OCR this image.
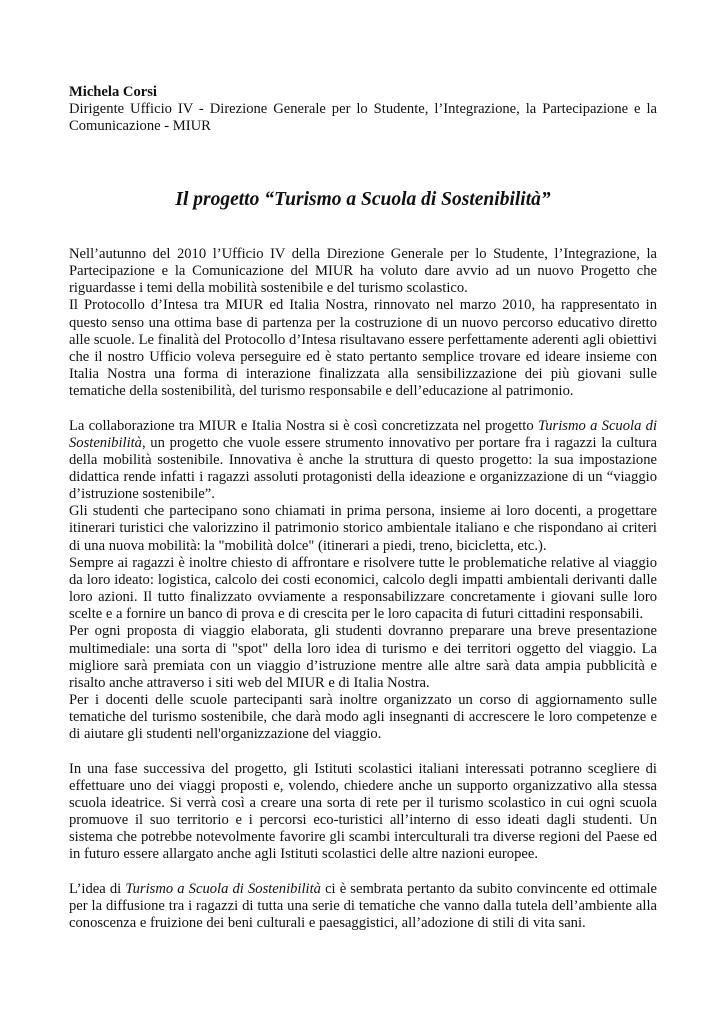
Michela Corsi

Dirigente Ufficio IV - Direzione Generale per lo Studente, l’Integrazione, la Partecipazione e la Comunicazione - MIUR

Il progetto “Turismo a Scuola di Sostenibilità”

Nell’autunno del 2010 l’Ufficio IV della Direzione Generale per lo Studente, l’Integrazione, la Partecipazione e la Comunicazione del MIUR ha voluto dare avvio ad un nuovo Progetto che riguardasse i temi della mobilità sostenibile e del turismo scolastico.

Il Protocollo d’Intesa tra MIUR ed Italia Nostra, rinnovato nel marzo 2010, ha rappresentato in questo senso una ottima base di partenza per la costruzione di un nuovo percorso educativo diretto alle scuole. Le finalità del Protocollo d’Intesa risultavano essere perfettamente aderenti agli obiettivi che il nostro Ufficio voleva perseguire ed è stato pertanto semplice trovare ed ideare insieme con Italia Nostra una forma di interazione finalizzata alla sensibilizzazione dei più giovani sulle tematiche della sostenibilità, del turismo responsabile e dell’educazione al patrimonio.

La collaborazione tra MIUR e Italia Nostra si è così concretizzata nel progetto Turismo a Scuola di Sostenibilità, un progetto che vuole essere strumento innovativo per portare fra i ragazzi la cultura della mobilità sostenibile. Innovativa è anche la struttura di questo progetto: la sua impostazione didattica rende infatti i ragazzi assoluti protagonisti della ideazione e organizzazione di un “viaggio d’istruzione sostenibile”.

Gli studenti che partecipano sono chiamati in prima persona, insieme ai loro docenti, a progettare itinerari turistici che valorizzino il patrimonio storico ambientale italiano e che rispondano ai criteri di una nuova mobilità: la "mobilità dolce" (itinerari a piedi, treno, bicicletta, etc.).

Sempre ai ragazzi è inoltre chiesto di affrontare e risolvere tutte le problematiche relative al viaggio da loro ideato: logistica, calcolo dei costi economici, calcolo degli impatti ambientali derivanti dalle loro azioni. Il tutto finalizzato ovviamente a responsabilizzare concretamente i giovani sulle loro scelte e a fornire un banco di prova e di crescita per le loro capacita di futuri cittadini responsabili.

Per ogni proposta di viaggio elaborata, gli studenti dovranno preparare una breve presentazione multimediale: una sorta di "spot" della loro idea di turismo e dei territori oggetto del viaggio. La migliore sarà premiata con un viaggio d’istruzione mentre alle altre sarà data ampia pubblicità e risalto anche attraverso i siti web del MIUR e di Italia Nostra.

Per i docenti delle scuole partecipanti sarà inoltre organizzato un corso di aggiornamento sulle tematiche del turismo sostenibile, che darà modo agli insegnanti di accrescere le loro competenze e di aiutare gli studenti nell'organizzazione del viaggio.

In una fase successiva del progetto, gli Istituti scolastici italiani interessati potranno scegliere di effettuare uno dei viaggi proposti e, volendo, chiedere anche un supporto organizzativo alla stessa scuola ideatrice. Si verrà così a creare una sorta di rete per il turismo scolastico in cui ogni scuola promuove il suo territorio e i percorsi eco-turistici all’interno di esso ideati dagli studenti. Un sistema che potrebbe notevolmente favorire gli scambi interculturali tra diverse regioni del Paese ed in futuro essere allargato anche agli Istituti scolastici delle altre nazioni europee.

L’idea di Turismo a Scuola di Sostenibilità ci è sembrata pertanto da subito convincente ed ottimale per la diffusione tra i ragazzi di tutta una serie di tematiche che vanno dalla tutela dell’ambiente alla conoscenza e fruizione dei beni culturali e paesaggistici, all’adozione di stili di vita sani.
